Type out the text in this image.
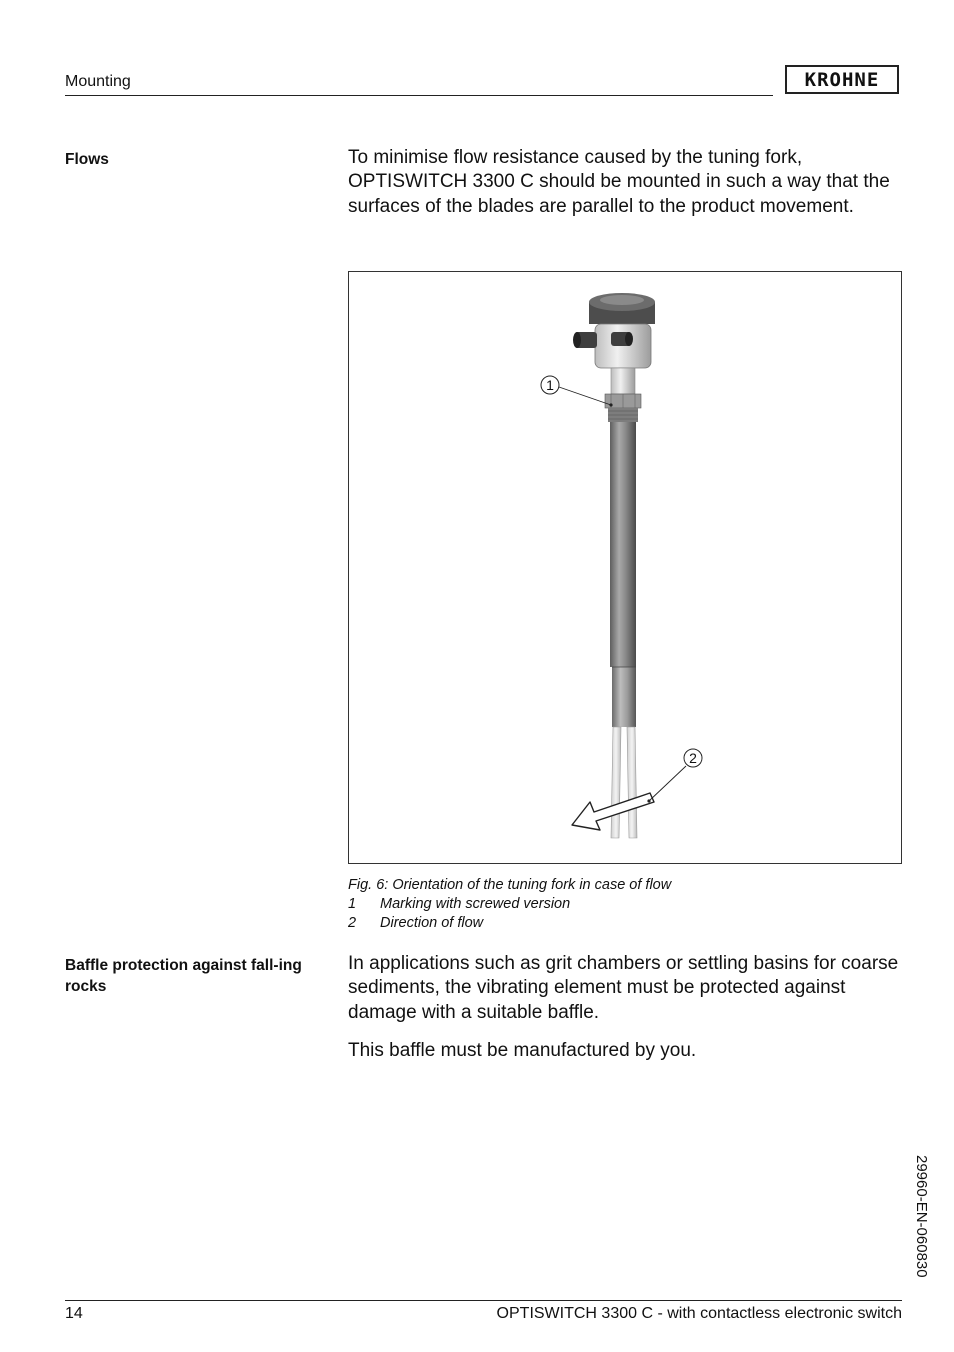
Mounting	KROHNE
Flows	To minimise flow resistance caused by the tuning fork, OPTISWITCH 3300 C should be mounted in such a way that the surfaces of the blades are parallel to the product movement.
1
2
Fig. 6: Orientation of the tuning fork in case of flow
1 Marking with screwed version
2 Direction of flow
Baffle protection against fall-ing rocks
In applications such as grit chambers or settling basins for coarse sediments, the vibrating element must be protected against damage with a suitable baffle.
This baffle must be manufactured by you.
29960-EN-060830
14	OPTISWITCH 3300 C - with contactless electronic switch
